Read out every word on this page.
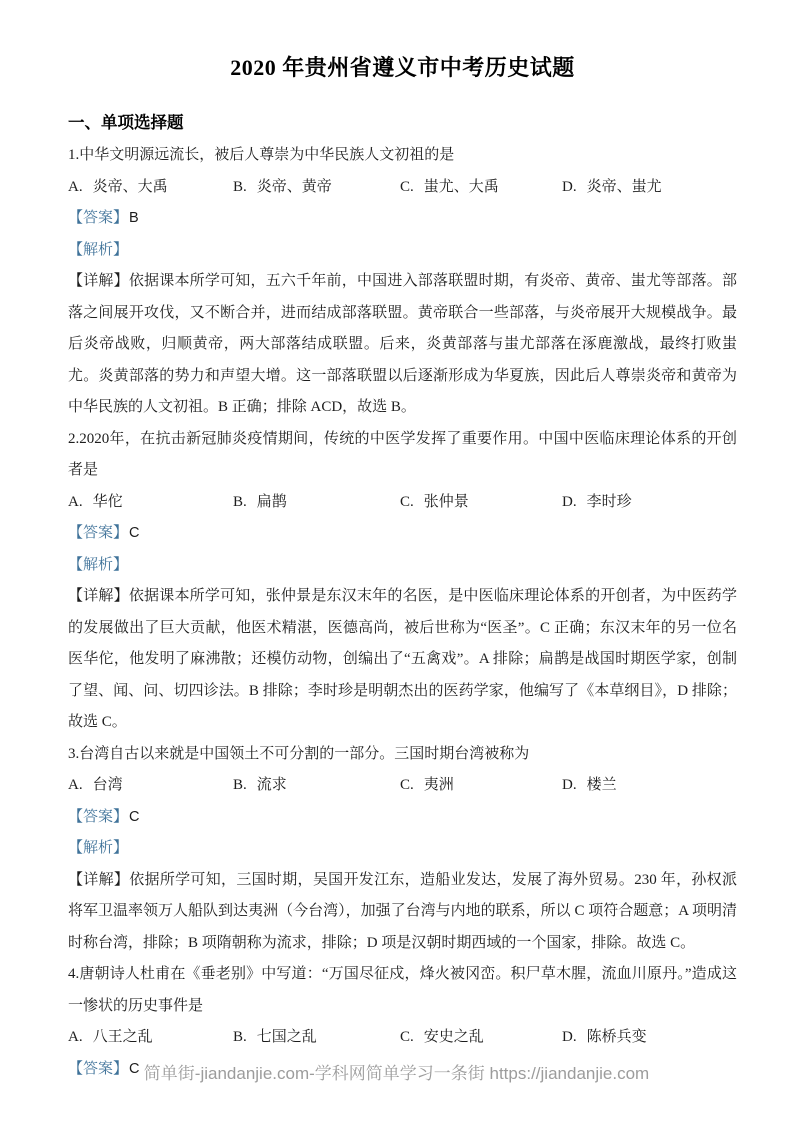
2020 年贵州省遵义市中考历史试题
一、单项选择题

1.中华文明源远流长，被后人尊崇为中华民族人文初祖的是

A. 炎帝、大禹	B. 炎帝、黄帝	C. 蚩尤、大禹	D. 炎帝、蚩尤

【答案】B

【解析】

【详解】依据课本所学可知，五六千年前，中国进入部落联盟时期，有炎帝、黄帝、蚩尤等部落。部落之间展开攻伐，又不断合并，进而结成部落联盟。黄帝联合一些部落，与炎帝展开大规模战争。最后炎帝战败，归顺黄帝，两大部落结成联盟。后来，炎黄部落与蚩尤部落在涿鹿激战，最终打败蚩尤。炎黄部落的势力和声望大增。这一部落联盟以后逐渐形成为华夏族，因此后人尊崇炎帝和黄帝为中华民族的人文初祖。B 正确；排除 ACD，故选 B。

2.2020年，在抗击新冠肺炎疫情期间，传统的中医学发挥了重要作用。中国中医临床理论体系的开创者是

A. 华佗	B. 扁鹊	C. 张仲景	D. 李时珍

【答案】C

【解析】

【详解】依据课本所学可知，张仲景是东汉末年的名医，是中医临床理论体系的开创者，为中医药学的发展做出了巨大贡献，他医术精湛，医德高尚，被后世称为“医圣”。C 正确；东汉末年的另一位名医华佗，他发明了麻沸散；还模仿动物，创编出了“五禽戏”。A 排除；扁鹊是战国时期医学家，创制了望、闻、问、切四诊法。B 排除；李时珍是明朝杰出的医药学家，他编写了《本草纲目》，D 排除；故选 C。

3.台湾自古以来就是中国领土不可分割的一部分。三国时期台湾被称为

A. 台湾	B. 流求	C. 夷洲	D. 楼兰

【答案】C

【解析】

【详解】依据所学可知，三国时期，吴国开发江东，造船业发达，发展了海外贸易。230 年，孙权派将军卫温率领万人船队到达夷洲（今台湾），加强了台湾与内地的联系，所以 C 项符合题意；A 项明清时称台湾，排除；B 项隋朝称为流求，排除；D 项是汉朝时期西域的一个国家，排除。故选 C。

4.唐朝诗人杜甫在《垂老别》中写道：“万国尽征戍，烽火被冈峦。积尸草木腥，流血川原丹。”造成这一惨状的历史事件是

A. 八王之乱	B. 七国之乱	C. 安史之乱	D. 陈桥兵变

【答案】C 简单街-jiandanjie.com-学科网简单学习一条街 https://jiandanjie.com
